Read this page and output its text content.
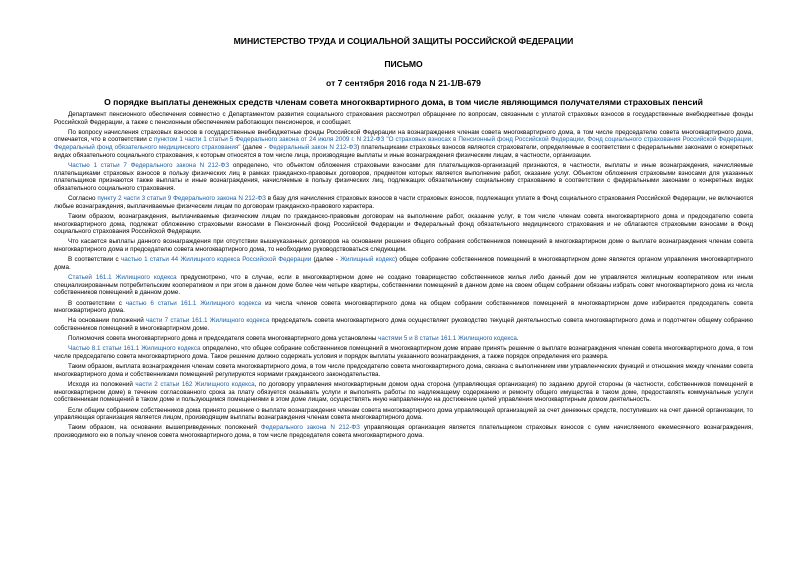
МИНИСТЕРСТВО ТРУДА И СОЦИАЛЬНОЙ ЗАЩИТЫ РОССИЙСКОЙ ФЕДЕРАЦИИ

ПИСЬМО

от 7 сентября 2016 года N 21-1/В-679

О порядке выплаты денежных средств членам совета многоквартирного дома, в том числе являющимся получателями страховых пенсий

Департамент пенсионного обеспечения совместно с Департаментом развития социального страхования рассмотрел обращение по вопросам, связанным с уплатой страховых взносов в государственные внебюджетные фонды Российской Федерации, а также с пенсионным обеспечением работающих пенсионеров, и сообщает.

По вопросу начисления страховых взносов в государственные внебюджетные фонды Российской Федерации на вознаграждения членам совета многоквартирного дома, в том числе председателю совета многоквартирного дома, отмечается, что в соответствии с пунктом 1 части 1 статьи 5 Федерального закона от 24 июля 2009 г. N 212-ФЗ "О страховых взносах в Пенсионный фонд Российской Федерации, Фонд социального страхования Российской Федерации, Федеральный фонд обязательного медицинского страхования" (далее - Федеральный закон N 212-ФЗ) плательщиками страховых взносов являются страхователи, определяемые в соответствии с федеральными законами о конкретных видах обязательного социального страхования, к которым относятся в том числе лица, производящие выплаты и иные вознаграждения физическим лицам, в частности, организации.

Частью 1 статьи 7 Федерального закона N 212-ФЗ определено, что объектом обложения страховыми взносами для плательщиков-организаций признаются, в частности, выплаты и иные вознаграждения, начисляемые плательщиками страховых взносов в пользу физических лиц в рамках гражданско-правовых договоров, предметом которых является выполнение работ, оказание услуг. Объектом обложения страховыми взносами для указанных плательщиков признаются также выплаты и иные вознаграждения, начисляемые в пользу физических лиц, подлежащих обязательному социальному страхованию в соответствии с федеральными законами о конкретных видах обязательного социального страхования.

Согласно пункту 2 части 3 статьи 9 Федерального закона N 212-ФЗ в базу для начисления страховых взносов в части страховых взносов, подлежащих уплате в Фонд социального страхования Российской Федерации, не включаются любые вознаграждения, выплачиваемые физическим лицам по договорам гражданско-правового характера.

Таким образом, вознаграждения, выплачиваемые физическим лицам по гражданско-правовым договорам на выполнение работ, оказание услуг, в том числе членам совета многоквартирного дома и председателю совета многоквартирного дома, подлежат обложению страховыми взносами в Пенсионный фонд Российской Федерации и Федеральный фонд обязательного медицинского страхования и не облагаются страховыми взносами в Фонд социального страхования Российской Федерации.

Что касается выплаты данного вознаграждения при отсутствии вышеуказанных договоров на основании решения общего собрания собственников помещений в многоквартирном доме о выплате вознаграждения членам совета многоквартирного дома и председателю совета многоквартирного дома, то необходимо руководствоваться следующим.

В соответствии с частью 1 статьи 44 Жилищного кодекса Российской Федерации (далее - Жилищный кодекс) общее собрание собственников помещений в многоквартирном доме является органом управления многоквартирного дома.

Статьей 161.1 Жилищного кодекса предусмотрено, что в случае, если в многоквартирном доме не создано товарищество собственников жилья либо данный дом не управляется жилищным кооперативом или иным специализированным потребительским кооперативом и при этом в данном доме более чем четыре квартиры, собственники помещений в данном доме на своем общем собрании обязаны избрать совет многоквартирного дома из числа собственников помещений в данном доме.

В соответствии с частью 6 статьи 161.1 Жилищного кодекса из числа членов совета многоквартирного дома на общем собрании собственников помещений в многоквартирном доме избирается председатель совета многоквартирного дома.

На основании положений части 7 статьи 161.1 Жилищного кодекса председатель совета многоквартирного дома осуществляет руководство текущей деятельностью совета многоквартирного дома и подотчетен общему собранию собственников помещений в многоквартирном доме.

Полномочия совета многоквартирного дома и председателя совета многоквартирного дома установлены частями 5 и 8 статьи 161.1 Жилищного кодекса.

Частью 8.1 статьи 161.1 Жилищного кодекса определено, что общее собрание собственников помещений в многоквартирном доме вправе принять решение о выплате вознаграждения членам совета многоквартирного дома, в том числе председателю совета многоквартирного дома. Такое решение должно содержать условия и порядок выплаты указанного вознаграждения, а также порядок определения его размера.

Таким образом, выплата вознаграждения членам совета многоквартирного дома, в том числе председателю совета многоквартирного дома, связана с выполнением ими управленческих функций и отношения между членами совета многоквартирного дома и собственниками помещений регулируются нормами гражданского законодательства.

Исходя из положений части 2 статьи 162 Жилищного кодекса, по договору управления многоквартирным домом одна сторона (управляющая организация) по заданию другой стороны (в частности, собственников помещений в многоквартирном доме) в течение согласованного срока за плату обязуется оказывать услуги и выполнять работы по надлежащему содержанию и ремонту общего имущества в таком доме, предоставлять коммунальные услуги собственникам помещений в таком доме и пользующимся помещениями в этом доме лицам, осуществлять иную направленную на достижение целей управления многоквартирным домом деятельность.

Если общим собранием собственников дома принято решение о выплате вознаграждения членам совета многоквартирного дома управляющей организацией за счет денежных средств, поступивших на счет данной организации, то управляющая организация является лицом, производящим выплаты вознаграждения членам совета многоквартирного дома.

Таким образом, на основании вышеприведенных положений Федерального закона N 212-ФЗ управляющая организация является плательщиком страховых взносов с сумм начисляемого ежемесячного вознаграждения, производимого ею в пользу членов совета многоквартирного дома, в том числе председателя совета многоквартирного дома.
